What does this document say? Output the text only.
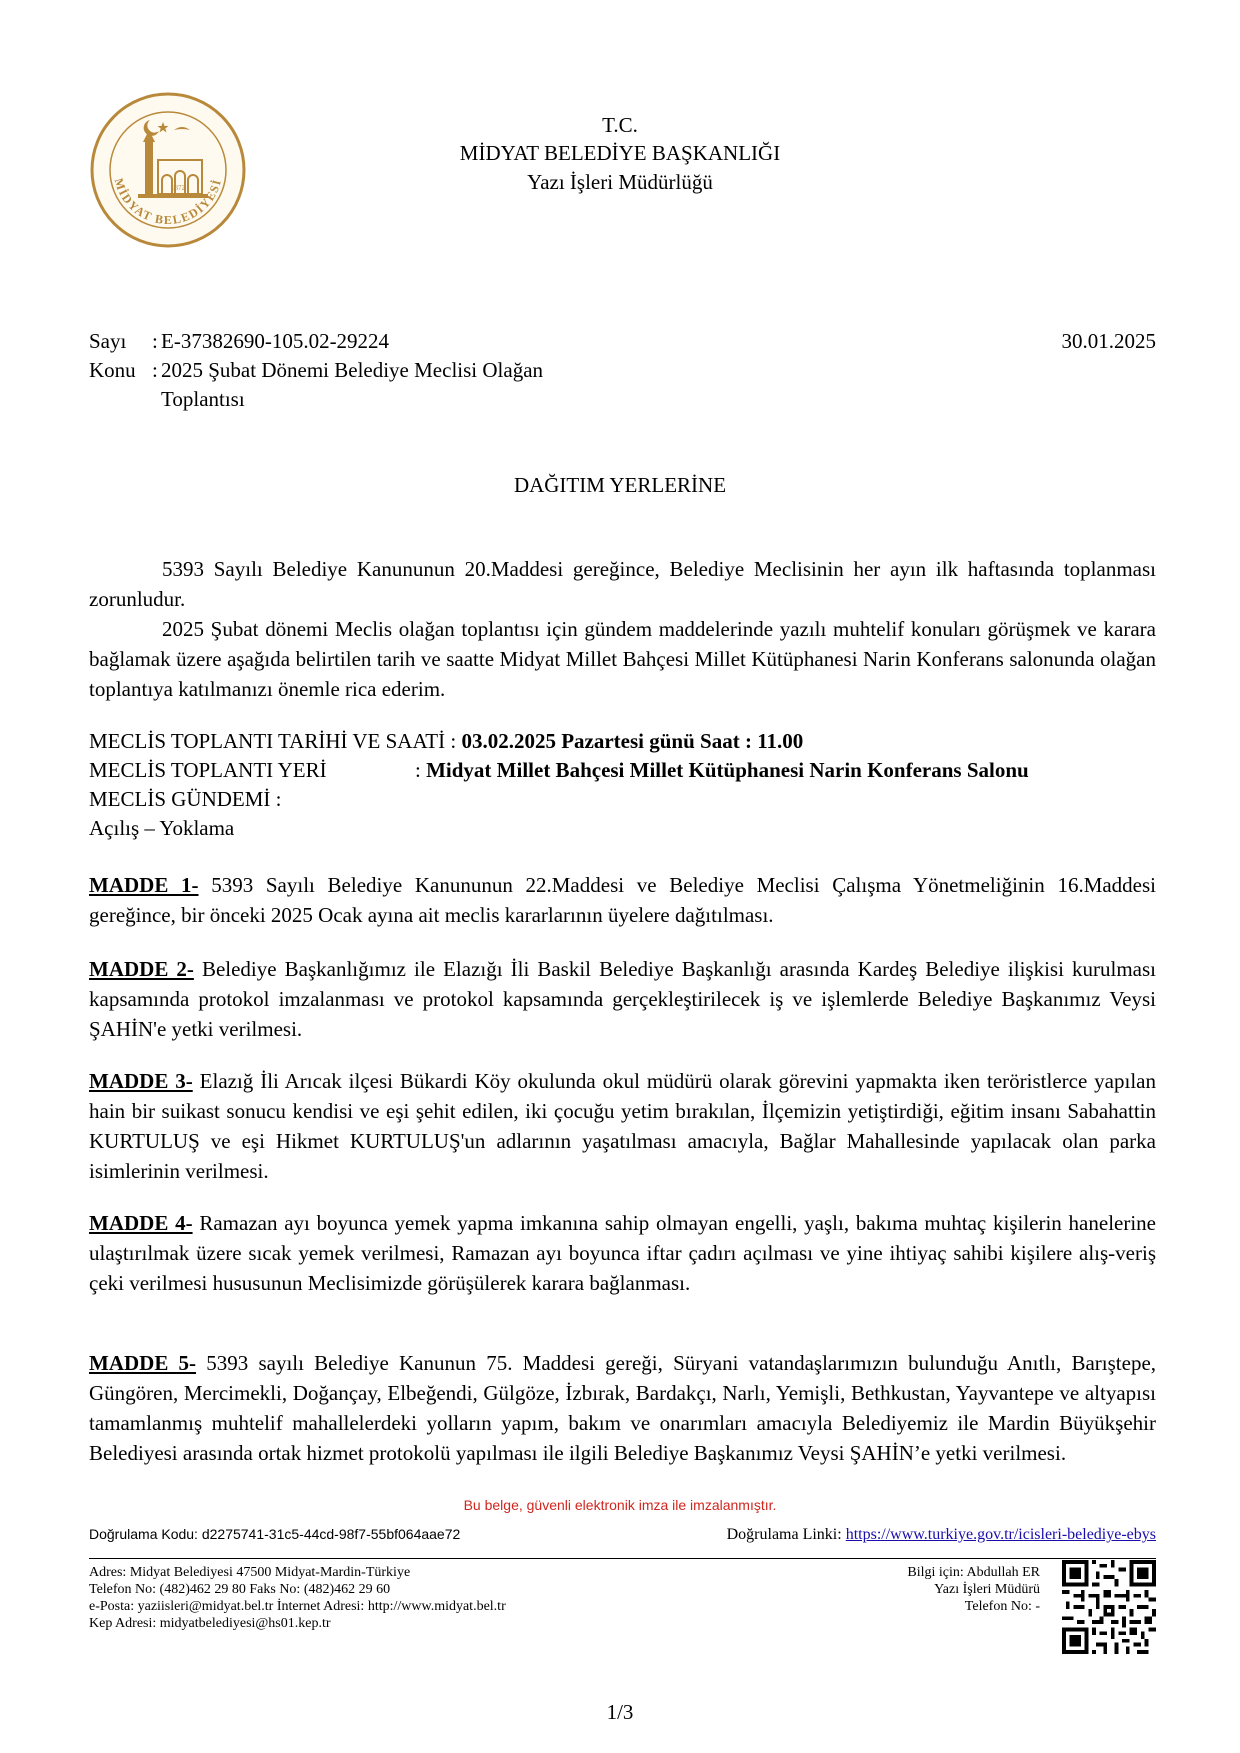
MİDYAT BELEDİYESİ
1872
T.C.
MİDYAT BELEDİYE BAŞKANLIĞI
Yazı İşleri Müdürlüğü
Sayı : E-37382690-105.02-29224	30.01.2025
Konu : 2025 Şubat Dönemi Belediye Meclisi Olağan
Toplantısı
DAĞITIM YERLERİNE

5393 Sayılı Belediye Kanununun 20.Maddesi gereğince, Belediye Meclisinin her ayın ilk haftasında toplanması zorunludur.

2025 Şubat dönemi Meclis olağan toplantısı için gündem maddelerinde yazılı muhtelif konuları görüşmek ve karara bağlamak üzere aşağıda belirtilen tarih ve saatte Midyat Millet Bahçesi Millet Kütüphanesi Narin Konferans salonunda olağan toplantıya katılmanızı önemle rica ederim.

MECLİS TOPLANTI TARİHİ VE SAATİ : 03.02.2025 Pazartesi günü Saat : 11.00
MECLİS TOPLANTI YERİ	: Midyat Millet Bahçesi Millet Kütüphanesi Narin Konferans Salonu
MECLİS GÜNDEMİ :
Açılış – Yoklama

MADDE 1- 5393 Sayılı Belediye Kanununun 22.Maddesi ve Belediye Meclisi Çalışma Yönetmeliğinin 16.Maddesi gereğince, bir önceki 2025 Ocak ayına ait meclis kararlarının üyelere dağıtılması.

MADDE 2- Belediye Başkanlığımız ile Elazığı İli Baskil Belediye Başkanlığı arasında Kardeş Belediye ilişkisi kurulması kapsamında protokol imzalanması ve protokol kapsamında gerçekleştirilecek iş ve işlemlerde Belediye Başkanımız Veysi ŞAHİN'e yetki verilmesi.

MADDE 3- Elazığ İli Arıcak ilçesi Bükardi Köy okulunda okul müdürü olarak görevini yapmakta iken teröristlerce yapılan hain bir suikast sonucu kendisi ve eşi şehit edilen, iki çocuğu yetim bırakılan, İlçemizin yetiştirdiği, eğitim insanı Sabahattin KURTULUŞ ve eşi Hikmet KURTULUŞ'un adlarının yaşatılması amacıyla, Bağlar Mahallesinde yapılacak olan parka isimlerinin verilmesi.

MADDE 4- Ramazan ayı boyunca yemek yapma imkanına sahip olmayan engelli, yaşlı, bakıma muhtaç kişilerin hanelerine ulaştırılmak üzere sıcak yemek verilmesi, Ramazan ayı boyunca iftar çadırı açılması ve yine ihtiyaç sahibi kişilere alış-veriş çeki verilmesi hususunun Meclisimizde görüşülerek karara bağlanması.

MADDE 5- 5393 sayılı Belediye Kanunun 75. Maddesi gereği, Süryani vatandaşlarımızın bulunduğu Anıtlı, Barıştepe, Güngören, Mercimekli, Doğançay, Elbeğendi, Gülgöze, İzbırak, Bardakçı, Narlı, Yemişli, Bethkustan, Yayvantepe ve altyapısı tamamlanmış muhtelif mahallelerdeki yolların yapım, bakım ve onarımları amacıyla Belediyemiz ile Mardin Büyükşehir Belediyesi arasında ortak hizmet protokolü yapılması ile ilgili Belediye Başkanımız Veysi ŞAHİN’e yetki verilmesi.

Bu belge, güvenli elektronik imza ile imzalanmıştır.
Doğrulama Kodu: d2275741-31c5-44cd-98f7-55bf064aae72	Doğrulama Linki: https://www.turkiye.gov.tr/icisleri-belediye-ebys
Adres: Midyat Belediyesi 47500 Midyat-Mardin-Türkiye
Telefon No: (482)462 29 80 Faks No: (482)462 29 60
e-Posta: yaziisleri@midyat.bel.tr İnternet Adresi: http://www.midyat.bel.tr
Kep Adresi: midyatbelediyesi@hs01.kep.tr
Bilgi için: Abdullah ER
Yazı İşleri Müdürü
Telefon No: -
1/3
